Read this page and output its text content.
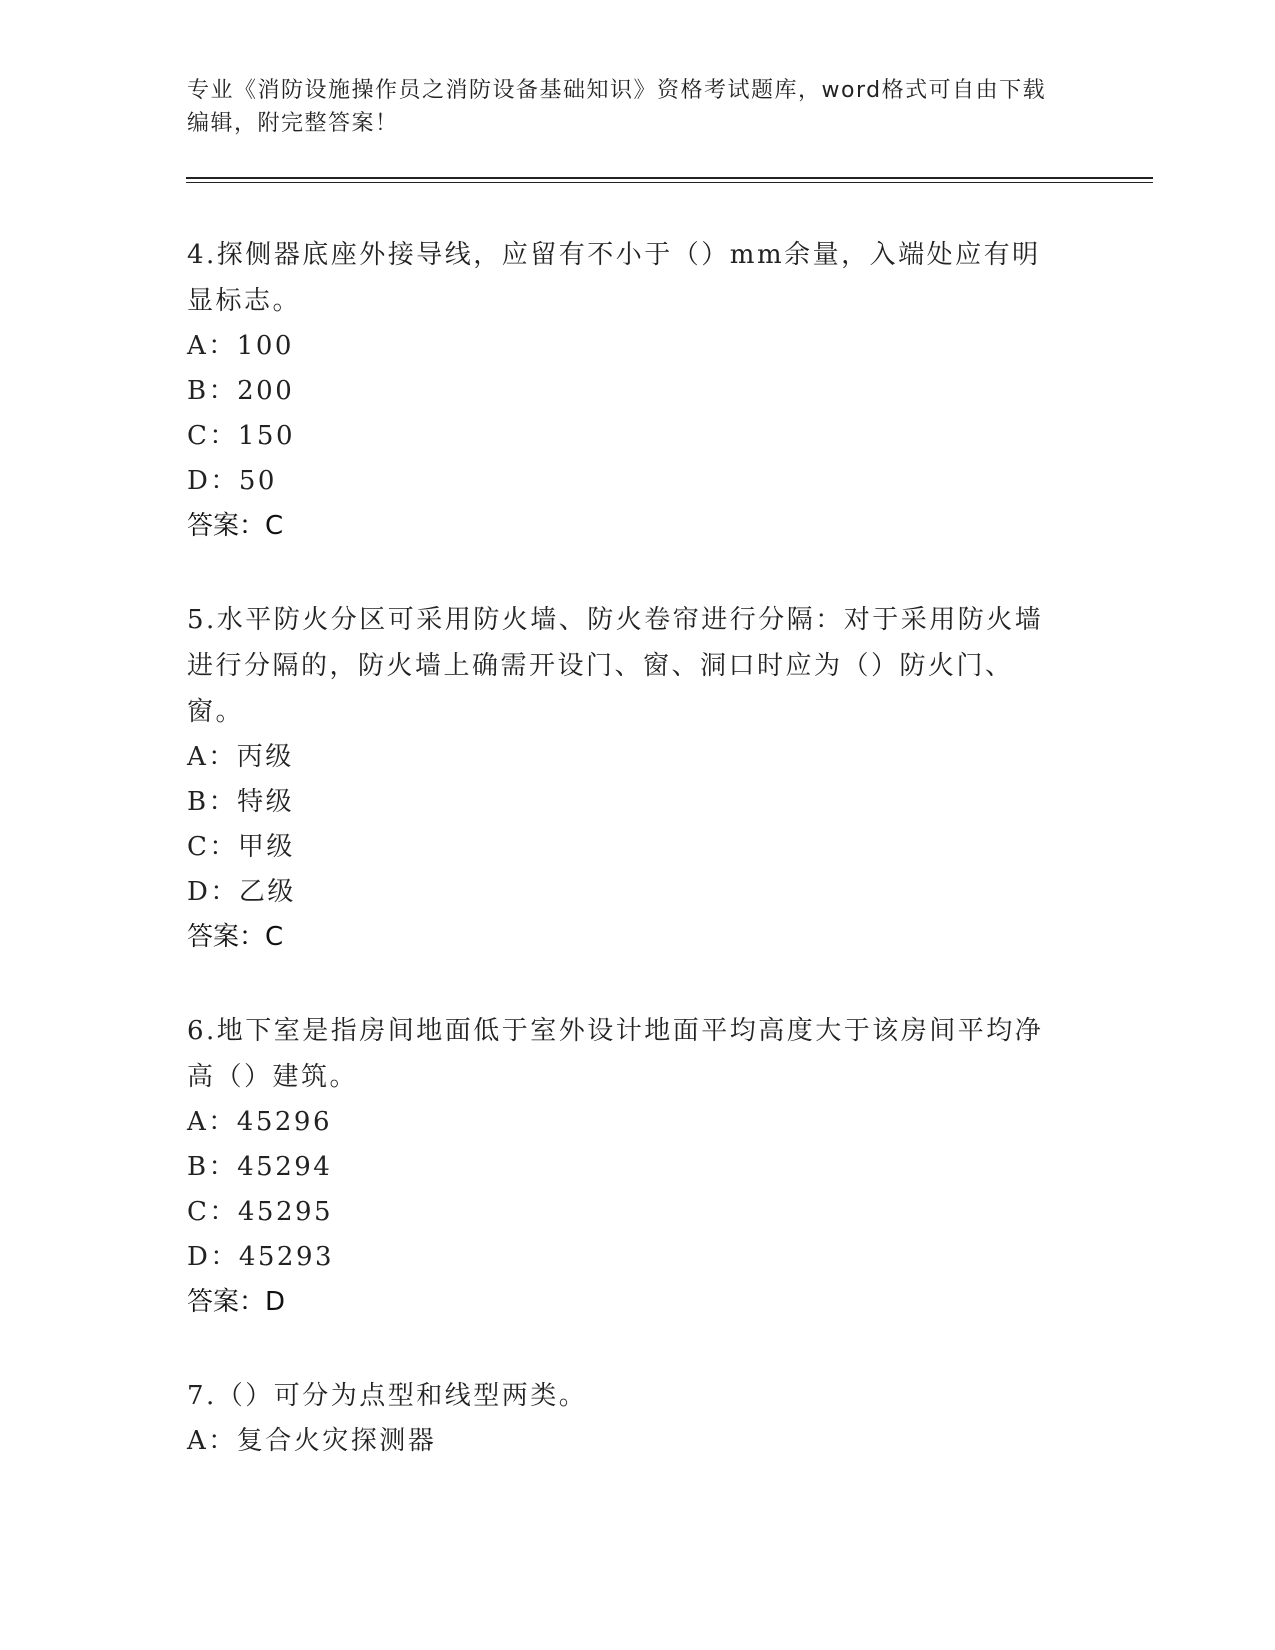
专业《消防设施操作员之消防设备基础知识》资格考试题库，word格式可自由下载编辑，附完整答案！

4.探侧器底座外接导线，应留有不小于（）mm余量，入端处应有明显标志。

A：100

B：200

C：150

D：50

答案：C

5.水平防火分区可采用防火墙、防火卷帘进行分隔：对于采用防火墙进行分隔的，防火墙上确需开设门、窗、洞口时应为（）防火门、窗。

A：丙级

B：特级

C：甲级

D：乙级

答案：C

6.地下室是指房间地面低于室外设计地面平均高度大于该房间平均净高（）建筑。

A：45296

B：45294

C：45295

D：45293

答案：D

7.（）可分为点型和线型两类。

A：复合火灾探测器
